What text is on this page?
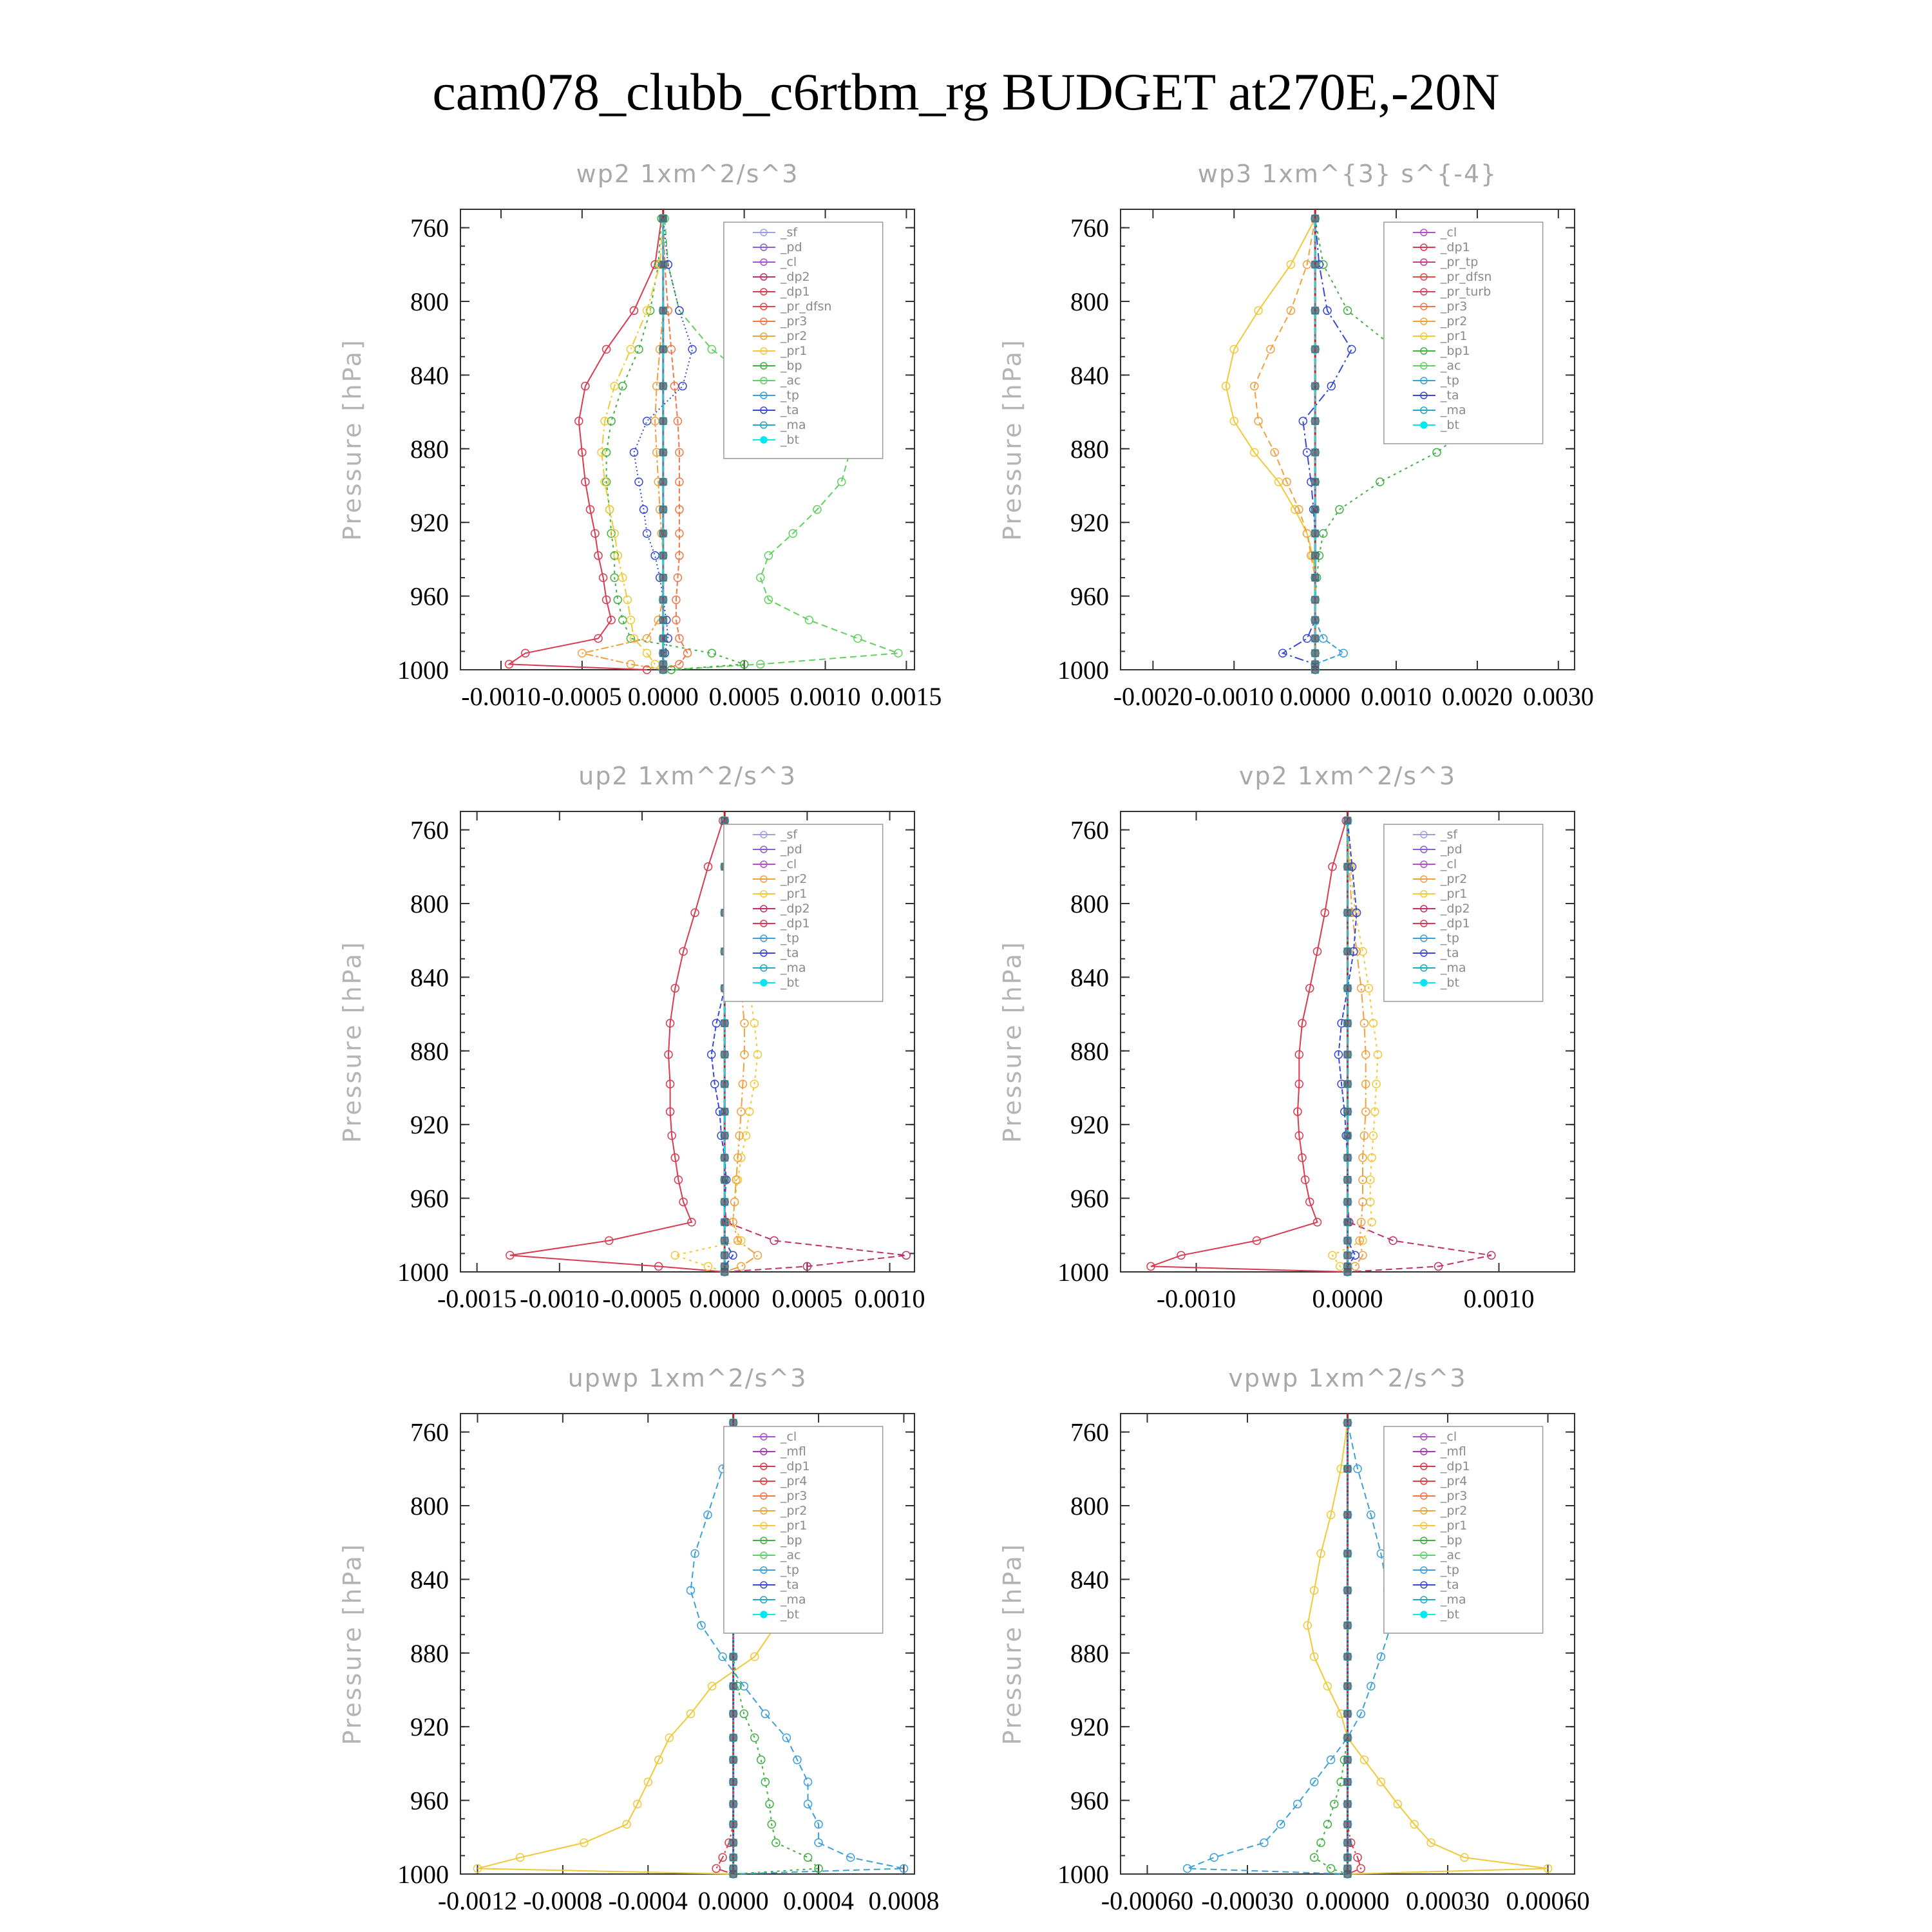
cam078_clubb_c6rtbm_rg BUDGET at270E,-20N
wp2 1xm^2/s^3
Pressure [hPa]
760
800
840
880
920
960
1000
-0.0010 -0.0005 0.0000 0.0005 0.0010 0.0015
_sf
_pd
_cl
_dp2
_dp1
_pr_dfsn
_pr3
_pr2
_pr1
_bp
_ac
_tp
_ta
_ma
_bt
wp3 1xm^{3} s^{-4}
Pressure [hPa]
760
800
840
880
920
960
1000
-0.0020 -0.0010 0.0000 0.0010 0.0020 0.0030
_cl
_dp1
_pr_tp
_pr_dfsn
_pr_turb
_pr3
_pr2
_pr1
_bp1
_ac
_tp
_ta
_ma
_bt
up2 1xm^2/s^3
Pressure [hPa]
760
800
840
880
920
960
1000
-0.0015 -0.0010 -0.0005 0.0000 0.0005 0.0010
_sf
_pd
_cl
_pr2
_pr1
_dp2
_dp1
_tp
_ta
_ma
_bt
vp2 1xm^2/s^3
Pressure [hPa]
760
800
840
880
920
960
1000
-0.0010	0.0000	0.0010
_sf
_pd
_cl
_pr2
_pr1
_dp2
_dp1
_tp
_ta
_ma
_bt
upwp 1xm^2/s^3
Pressure [hPa]
760
800
840
880
920
960
1000
-0.0012 -0.0008 -0.0004 0.0000 0.0004 0.0008
_cl
_mfl
_dp1
_pr4
_pr3
_pr2
_pr1
_bp
_ac
_tp
_ta
_ma
_bt
vpwp 1xm^2/s^3
Pressure [hPa]
760
800
840
880
920
960
1000
-0.00060 -0.00030 0.00000 0.00030 0.00060
_cl
_mfl
_dp1
_pr4
_pr3
_pr2
_pr1
_bp
_ac
_tp
_ta
_ma
_bt
